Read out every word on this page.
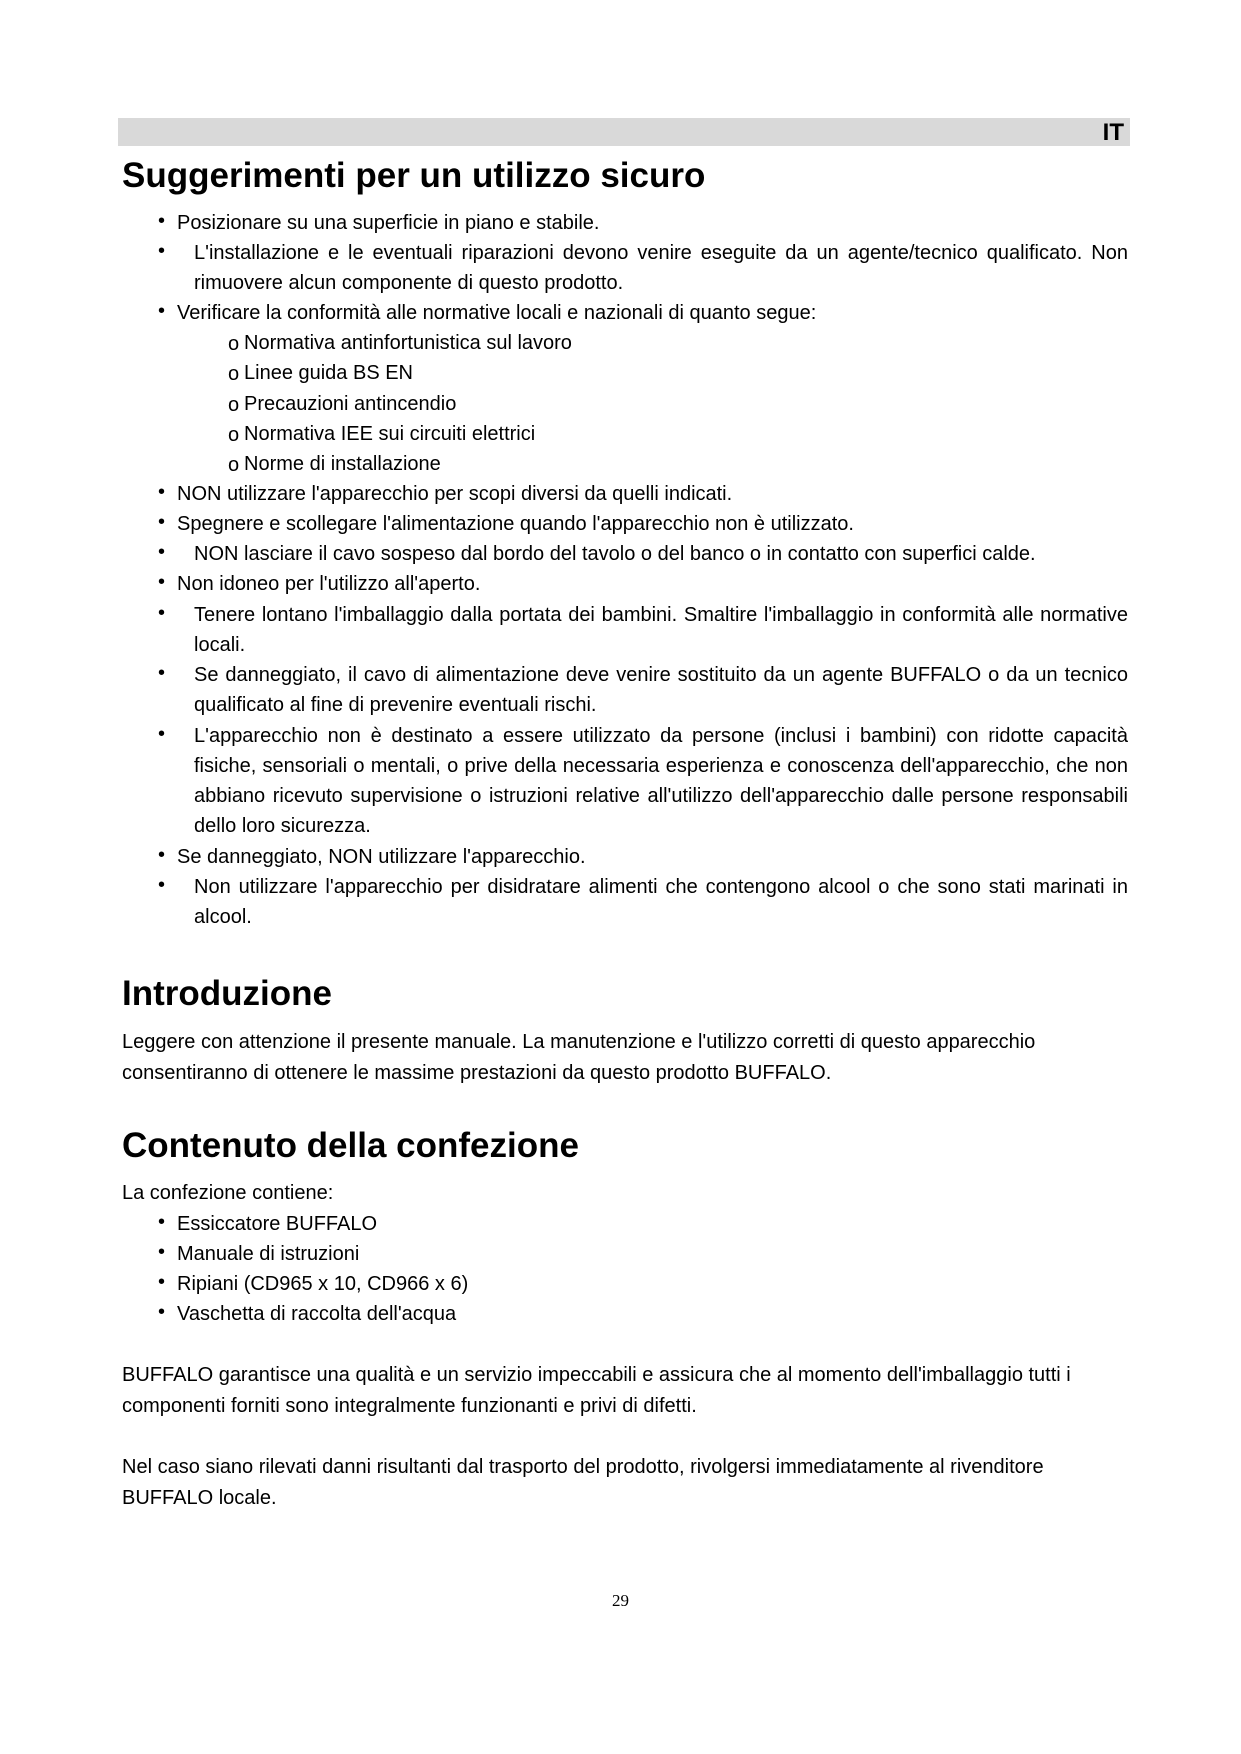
IT
Suggerimenti per un utilizzo sicuro
• Posizionare su una superficie in piano e stabile.
• L'installazione e le eventuali riparazioni devono venire eseguite da un agente/tecnico qualificato. Non rimuovere alcun componente di questo prodotto.
• Verificare la conformità alle normative locali e nazionali di quanto segue:
o Normativa antinfortunistica sul lavoro
o Linee guida BS EN
o Precauzioni antincendio
o Normativa IEE sui circuiti elettrici
o Norme di installazione
• NON utilizzare l'apparecchio per scopi diversi da quelli indicati.
• Spegnere e scollegare l'alimentazione quando l'apparecchio non è utilizzato.
• NON lasciare il cavo sospeso dal bordo del tavolo o del banco o in contatto con superfici calde.
• Non idoneo per l'utilizzo all'aperto.
• Tenere lontano l'imballaggio dalla portata dei bambini. Smaltire l'imballaggio in conformità alle normative locali.
• Se danneggiato, il cavo di alimentazione deve venire sostituito da un agente BUFFALO o da un tecnico qualificato al fine di prevenire eventuali rischi.
• L'apparecchio non è destinato a essere utilizzato da persone (inclusi i bambini) con ridotte capacità fisiche, sensoriali o mentali, o prive della necessaria esperienza e conoscenza dell'apparecchio, che non abbiano ricevuto supervisione o istruzioni relative all'utilizzo dell'apparecchio dalle persone responsabili dello loro sicurezza.
• Se danneggiato, NON utilizzare l'apparecchio.
• Non utilizzare l'apparecchio per disidratare alimenti che contengono alcool o che sono stati marinati in alcool.
Introduzione

Leggere con attenzione il presente manuale. La manutenzione e l'utilizzo corretti di questo apparecchio consentiranno di ottenere le massime prestazioni da questo prodotto BUFFALO.

Contenuto della confezione

La confezione contiene:

• Essiccatore BUFFALO
• Manuale di istruzioni
• Ripiani (CD965 x 10, CD966 x 6)
• Vaschetta di raccolta dell'acqua

BUFFALO garantisce una qualità e un servizio impeccabili e assicura che al momento dell'imballaggio tutti i componenti forniti sono integralmente funzionanti e privi di difetti.

Nel caso siano rilevati danni risultanti dal trasporto del prodotto, rivolgersi immediatamente al rivenditore BUFFALO locale.

29
